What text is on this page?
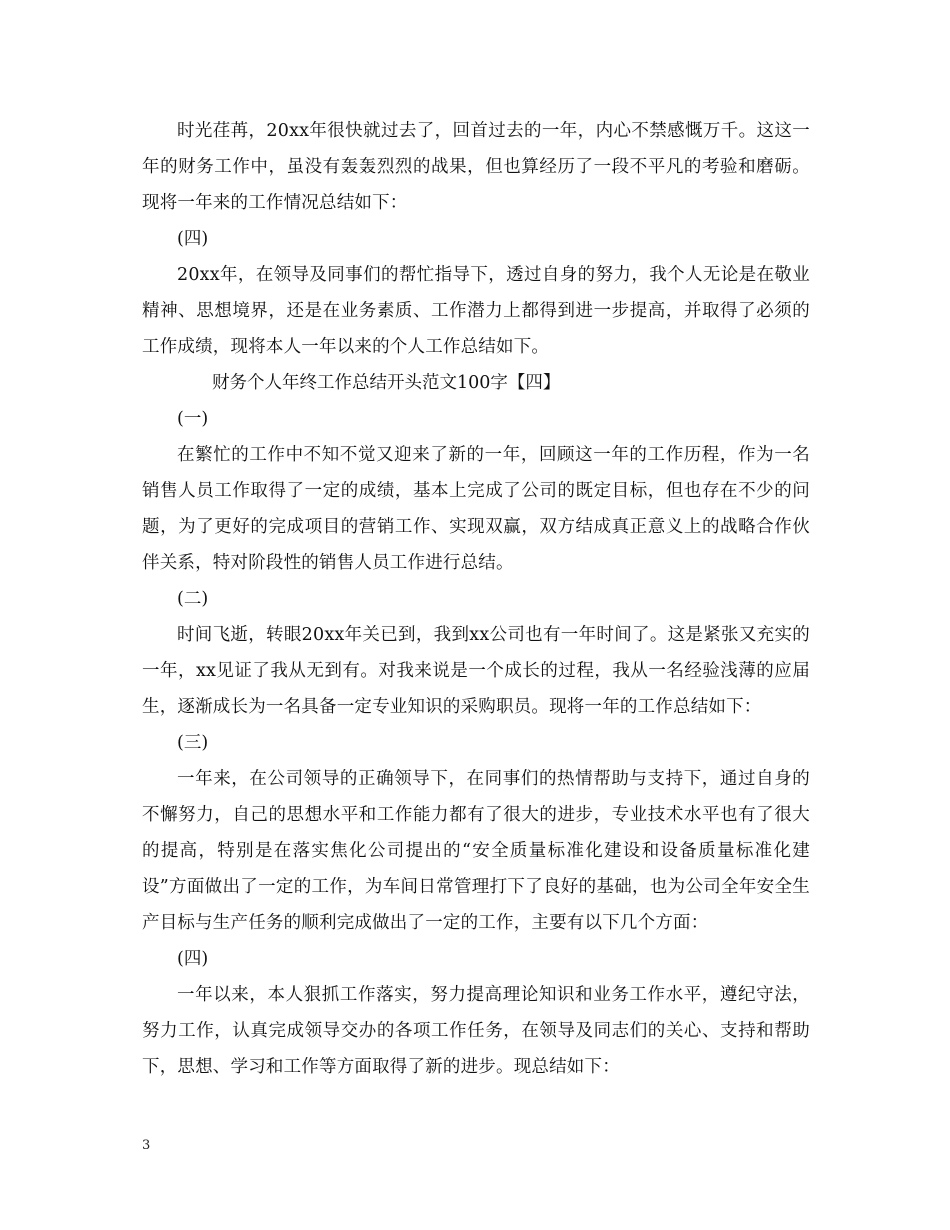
时光荏苒，20xx年很快就过去了，回首过去的一年，内心不禁感慨万千。这这一年的财务工作中，虽没有轰轰烈烈的战果，但也算经历了一段不平凡的考验和磨砺。现将一年来的工作情况总结如下：

(四)

20xx年，在领导及同事们的帮忙指导下，透过自身的努力，我个人无论是在敬业精神、思想境界，还是在业务素质、工作潜力上都得到进一步提高，并取得了必须的工作成绩，现将本人一年以来的个人工作总结如下。

财务个人年终工作总结开头范文100字【四】

(一)

在繁忙的工作中不知不觉又迎来了新的一年，回顾这一年的工作历程，作为一名销售人员工作取得了一定的成绩，基本上完成了公司的既定目标，但也存在不少的问题，为了更好的完成项目的营销工作、实现双赢，双方结成真正意义上的战略合作伙伴关系，特对阶段性的销售人员工作进行总结。

(二)

时间飞逝，转眼20xx年关已到，我到xx公司也有一年时间了。这是紧张又充实的一年，xx见证了我从无到有。对我来说是一个成长的过程，我从一名经验浅薄的应届生，逐渐成长为一名具备一定专业知识的采购职员。现将一年的工作总结如下：

(三)

一年来，在公司领导的正确领导下，在同事们的热情帮助与支持下，通过自身的不懈努力，自己的思想水平和工作能力都有了很大的进步，专业技术水平也有了很大的提高，特别是在落实焦化公司提出的“安全质量标准化建设和设备质量标准化建设”方面做出了一定的工作，为车间日常管理打下了良好的基础，也为公司全年安全生产目标与生产任务的顺利完成做出了一定的工作，主要有以下几个方面：

(四)

一年以来，本人狠抓工作落实，努力提高理论知识和业务工作水平，遵纪守法，努力工作，认真完成领导交办的各项工作任务，在领导及同志们的关心、支持和帮助下，思想、学习和工作等方面取得了新的进步。现总结如下：

3
